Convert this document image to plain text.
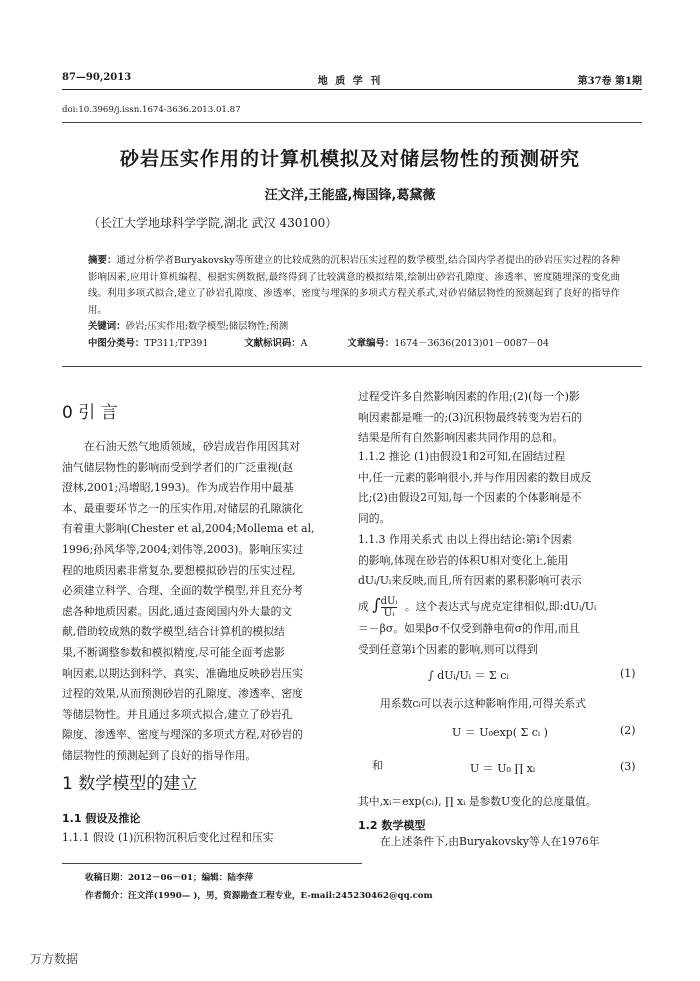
87—90,2013	地 质 学 刊	第37卷 第1期
doi:10.3969/j.issn.1674-3636.2013.01.87
砂岩压实作用的计算机模拟及对储层物性的预测研究
汪文洋,王能盛,梅国锋,葛黛薇
（长江大学地球科学学院,湖北 武汉 430100）
摘要：通过分析学者Buryakovsky等所建立的比较成熟的沉积岩压实过程的数学模型,结合国内学者提出的砂岩压实过程的各种影响因素,应用计算机编程、根据实例数据,最终得到了比较满意的模拟结果,绘制出砂岩孔隙度、渗透率、密度随埋深的变化曲线。利用多项式拟合,建立了砂岩孔隙度、渗透率、密度与埋深的多项式方程关系式,对砂岩储层物性的预测起到了良好的指导作用。
关键词：砂岩;压实作用;数学模型;储层物性;预测
中图分类号：TP311;TP391	文献标识码：A	文章编号：1674－3636(2013)01－0087－04
0 引 言
在石油天然气地质领域，砂岩成岩作用因其对
油气储层物性的影响而受到学者们的广泛重视(赵
澄林,2001;冯增昭,1993)。作为成岩作用中最基
本、最重要环节之一的压实作用,对储层的孔隙演化
有着重大影响(Chester et al,2004;Mollema et al,
1996;孙风华等,2004;刘伟等,2003)。影响压实过
程的地质因素非常复杂,要想模拟砂岩的压实过程,
必须建立科学、合理、全面的数学模型,并且充分考
虑各种地质因素。因此,通过查阅国内外大量的文
献,借助较成熟的数学模型,结合计算机的模拟结
果,不断调整参数和模拟精度,尽可能全面考虑影
响因素,以期达到科学、真实、准确地反映砂岩压实
过程的效果,从而预测砂岩的孔隙度、渗透率、密度
等储层物性。并且通过多项式拟合,建立了砂岩孔
隙度、渗透率、密度与埋深的多项式方程,对砂岩的
储层物性的预测起到了良好的指导作用。
1 数学模型的建立
1.1 假设及推论
1.1.1 假设 (1)沉积物沉积后变化过程和压实
过程受许多自然影响因素的作用;(2)(每一个)影
响因素都是唯一的;(3)沉积物最终转变为岩石的
结果是所有自然影响因素共同作用的总和。
1.1.2 推论 (1)由假设1和2可知,在固结过程
中,任一元素的影响很小,并与作用因素的数目成反
比;(2)由假设2可知,每一个因素的个体影响是不
同的。
1.1.3 作用关系式 由以上得出结论:第i个因素
的影响,体现在砂岩的体积U相对变化上,能用
dUᵢ/Uᵢ来反映,而且,所有因素的累积影响可表示
成 ∫ dUᵢ
Uᵢ 。这个表达式与虎克定律相似,即:dUᵢ/Uᵢ
＝－βσ。如果βσ不仅受到静电荷σ的作用,而且
受到任意第i个因素的影响,则可以得到
∫ dUᵢ/Uᵢ ＝ Σ cᵢ	(1)
用系数cᵢ可以表示这种影响作用,可得关系式
U ＝ U₀exp( Σ cᵢ )	(2)
和	U ＝ U₀ ∏ xᵢ	(3)
其中,xᵢ＝exp(cᵢ), ∏ xᵢ 是参数U变化的总度量值。
1.2 数学模型
在上述条件下,由Buryakovsky等人在1976年
收稿日期：2012－06－01；编辑：陆李萍
作者简介：汪文洋(1990— )，男，资源勘查工程专业，E-mail:245230462@qq.com
万方数据
